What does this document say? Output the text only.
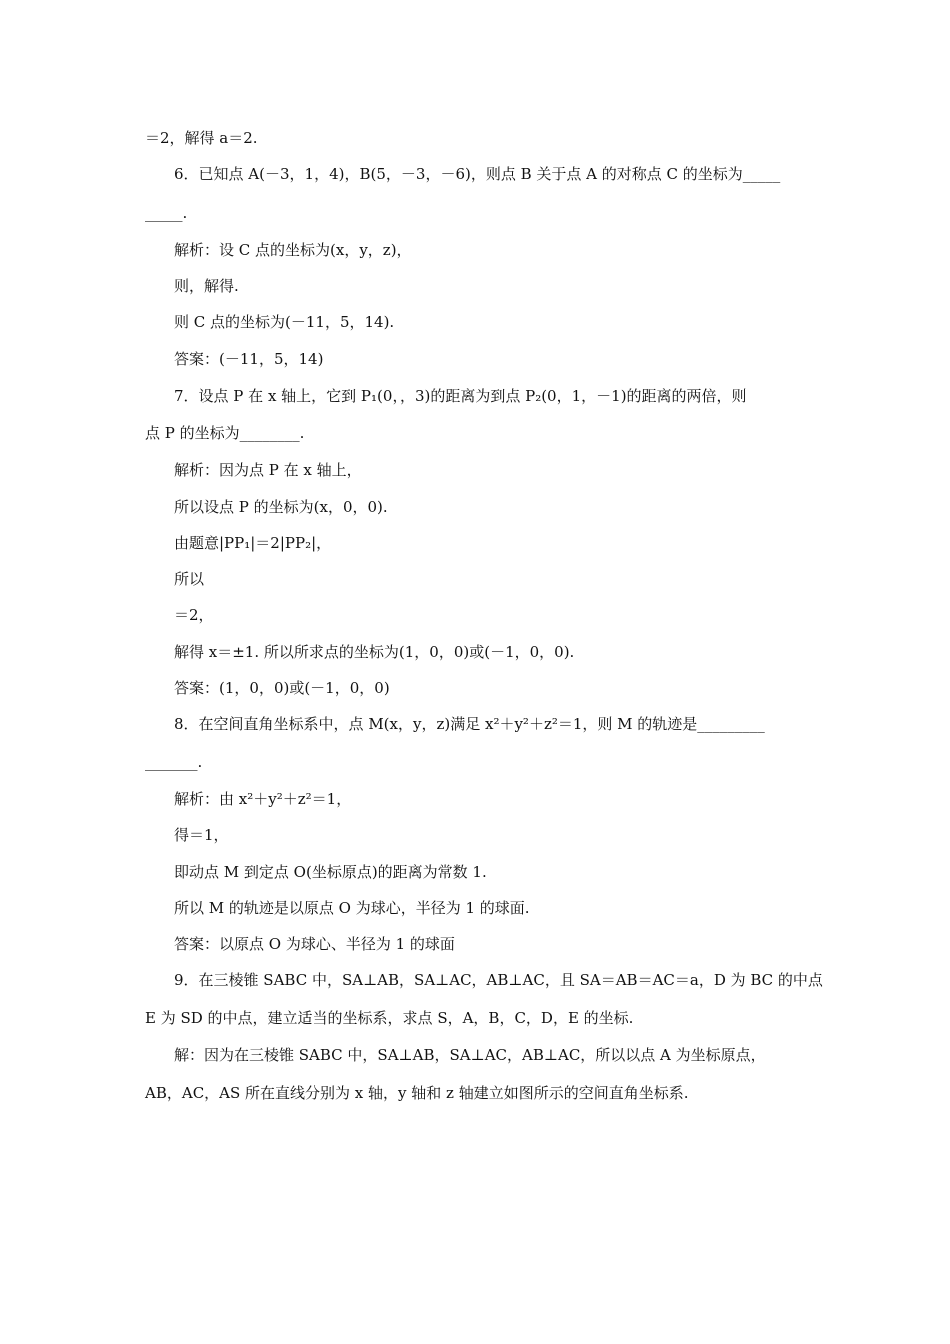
＝2，解得 a＝2.
6．已知点 A(－3，1，4)，B(5，－3，－6)，则点 B 关于点 A 的对称点 C 的坐标为_____
_____.
解析：设 C 点的坐标为(x，y，z)，
则，解得.
则 C 点的坐标为(－11，5，14).
答案：(－11，5，14)
7．设点 P 在 x 轴上，它到 P₁(0，，3)的距离为到点 P₂(0，1，－1)的距离的两倍，则
点 P 的坐标为________.
解析：因为点 P 在 x 轴上，
所以设点 P 的坐标为(x，0，0).
由题意|PP₁|＝2|PP₂|，
所以
＝2，
解得 x＝±1. 所以所求点的坐标为(1，0，0)或(－1，0，0).
答案：(1，0，0)或(－1，0，0)
8．在空间直角坐标系中，点 M(x，y，z)满足 x²＋y²＋z²＝1，则 M 的轨迹是_________
_______.
解析：由 x²＋y²＋z²＝1，
得＝1，
即动点 M 到定点 O(坐标原点)的距离为常数 1.
所以 M 的轨迹是以原点 O 为球心，半径为 1 的球面.
答案：以原点 O 为球心、半径为 1 的球面
9．在三棱锥 SABC 中，SA⊥AB，SA⊥AC，AB⊥AC，且 SA＝AB＝AC＝a，D 为 BC 的中点
E 为 SD 的中点，建立适当的坐标系，求点 S，A，B，C，D，E 的坐标.
解：因为在三棱锥 SABC 中，SA⊥AB，SA⊥AC，AB⊥AC，所以以点 A 为坐标原点，
AB，AC，AS 所在直线分别为 x 轴，y 轴和 z 轴建立如图所示的空间直角坐标系.
